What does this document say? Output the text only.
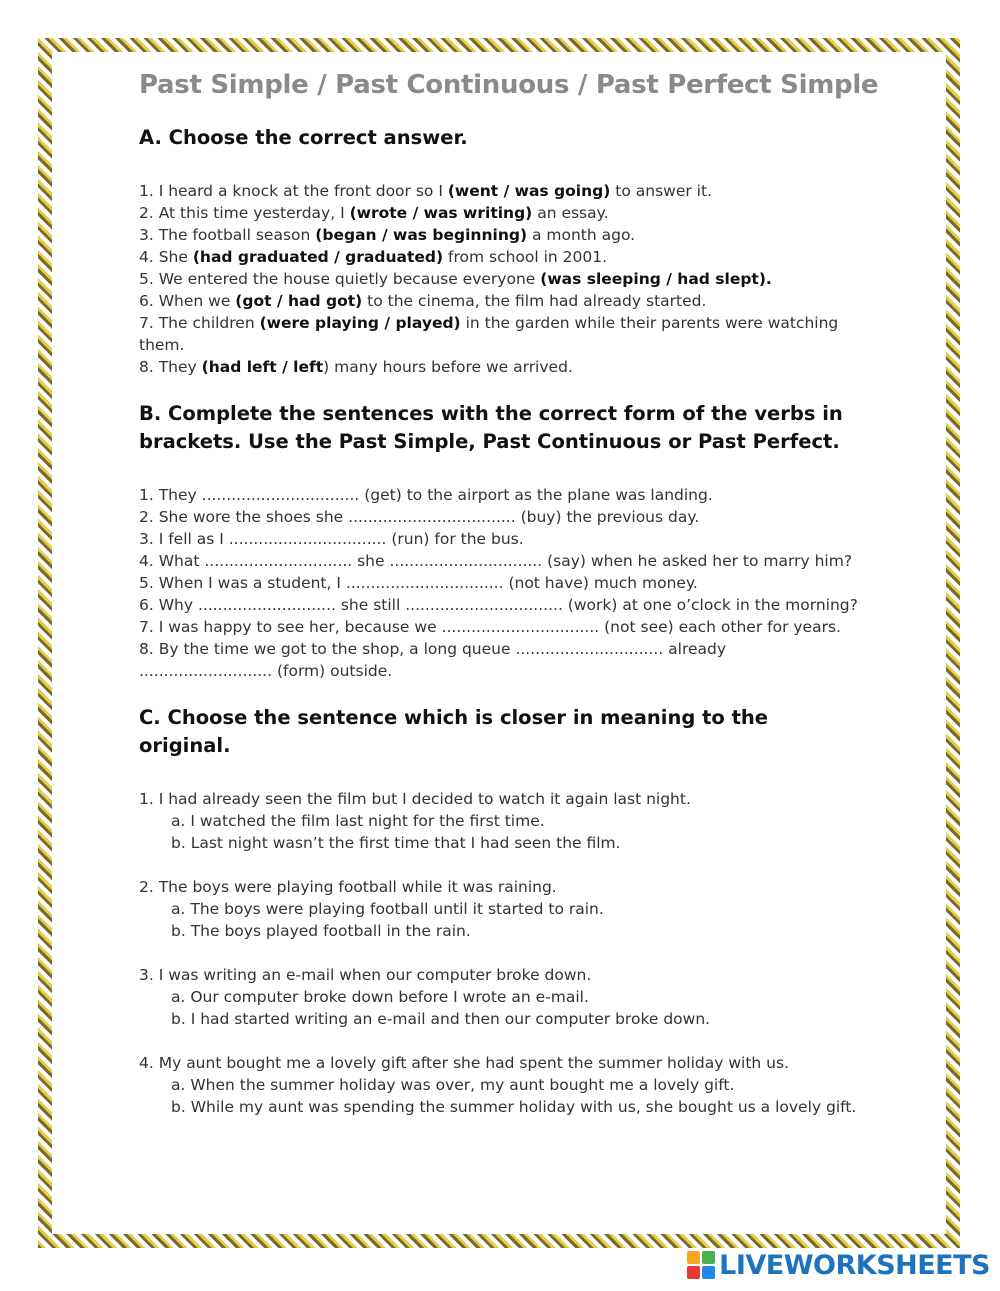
Past Simple / Past Continuous / Past Perfect Simple
A. Choose the correct answer.
1. I heard a knock at the front door so I (went / was going) to answer it.
2. At this time yesterday, I (wrote / was writing) an essay.
3. The football season (began / was beginning) a month ago.
4. She (had graduated / graduated) from school in 2001.
5. We entered the house quietly because everyone (was sleeping / had slept).
6. When we (got / had got) to the cinema, the film had already started.
7. The children (were playing / played) in the garden while their parents were watching them.
8. They (had left / left) many hours before we arrived.
B. Complete the sentences with the correct form of the verbs in brackets. Use the Past Simple, Past Continuous or Past Perfect.
1. They ................................ (get) to the airport as the plane was landing.
2. She wore the shoes she .................................. (buy) the previous day.
3. I fell as I ................................ (run) for the bus.
4. What .............................. she ............................... (say) when he asked her to marry him?
5. When I was a student, I ................................ (not have) much money.
6. Why ............................ she still ................................ (work) at one o’clock in the morning?
7. I was happy to see her, because we ................................ (not see) each other for years.
8. By the time we got to the shop, a long queue .............................. already ........................... (form) outside.
C. Choose the sentence which is closer in meaning to the original.
1. I had already seen the film but I decided to watch it again last night.
a. I watched the film last night for the first time.
b. Last night wasn’t the first time that I had seen the film.
2. The boys were playing football while it was raining.
a. The boys were playing football until it started to rain.
b. The boys played football in the rain.
3. I was writing an e-mail when our computer broke down.
a. Our computer broke down before I wrote an e-mail.
b. I had started writing an e-mail and then our computer broke down.
4. My aunt bought me a lovely gift after she had spent the summer holiday with us.
a. When the summer holiday was over, my aunt bought me a lovely gift.
b. While my aunt was spending the summer holiday with us, she bought us a lovely gift.
LIVEWORKSHEETS
